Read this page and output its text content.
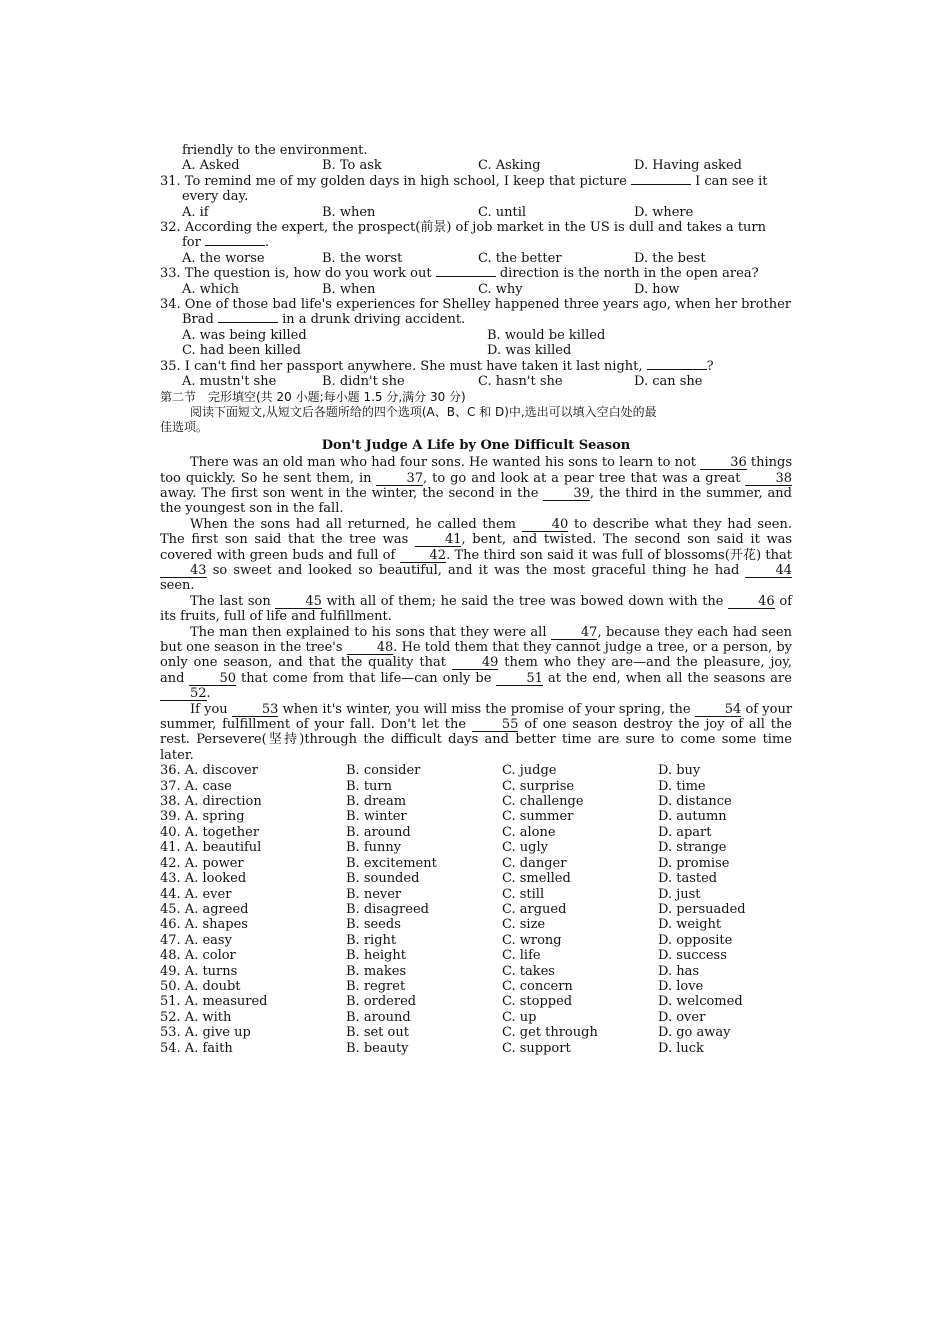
friendly to the environment.
A. Asked	B. To ask	C. Asking	D. Having asked
31. To remind me of my golden days in high school, I keep that picture	I can see it
every day.
A. if	B. when	C. until	D. where
32. According the expert, the prospect(前景) of job market in the US is dull and takes a turn
for	.
A. the worse	B. the worst	C. the better	D. the best
33. The question is, how do you work out	direction is the north in the open area?
A. which	B. when	C. why	D. how
34. One of those bad life's experiences for Shelley happened three years ago, when her brother
Brad	in a drunk driving accident.
A. was being killed	B. would be killed
C. had been killed	D. was killed
35. I can't find her passport anywhere. She must have taken it last night,	?
A. mustn't she	B. didn't she	C. hasn't she	D. can she
第二节　完形填空(共 20 小题;每小题 1.5 分,满分 30 分)
阅读下面短文,从短文后各题所给的四个选项(A、B、C 和 D)中,选出可以填入空白处的最
佳选项。
Don't Judge A Life by One Difficult Season
There was an old man who had four sons. He wanted his sons to learn to not	36 things too quickly. So he sent them, in	37, to go and look at a pear tree that was a great	38 away. The first son went in the winter, the second in the	39, the third in the summer, and the youngest son in the fall.
When the sons had all returned, he called them	40 to describe what they had seen. The first son said that the tree was	41, bent, and twisted. The second son said it was covered with green buds and full of	42. The third son said it was full of blossoms(开花) that 43 so sweet and looked so beautiful, and it was the most graceful thing he had	44 seen.
The last son	45 with all of them; he said the tree was bowed down with the	46 of its fruits, full of life and fulfillment.
The man then explained to his sons that they were all	47, because they each had seen but one season in the tree's	48. He told them that they cannot judge a tree, or a person, by only one season, and that the quality that	49 them who they are—and the pleasure, joy, and	50 that come from that life—can only be	51 at the end, when all the seasons are 52.
If you	53 when it's winter, you will miss the promise of your spring, the	54 of your summer, fulfillment of your fall. Don't let the	55 of one season destroy the joy of all the rest. Persevere(坚持)through the difficult days and better time are sure to come some time later.
36. A. discover	B. consider	C. judge	D. buy
37. A. case	B. turn	C. surprise	D. time
38. A. direction	B. dream	C. challenge	D. distance
39. A. spring	B. winter	C. summer	D. autumn
40. A. together	B. around	C. alone	D. apart
41. A. beautiful	B. funny	C. ugly	D. strange
42. A. power	B. excitement	C. danger	D. promise
43. A. looked	B. sounded	C. smelled	D. tasted
44. A. ever	B. never	C. still	D. just
45. A. agreed	B. disagreed	C. argued	D. persuaded
46. A. shapes	B. seeds	C. size	D. weight
47. A. easy	B. right	C. wrong	D. opposite
48. A. color	B. height	C. life	D. success
49. A. turns	B. makes	C. takes	D. has
50. A. doubt	B. regret	C. concern	D. love
51. A. measured	B. ordered	C. stopped	D. welcomed
52. A. with	B. around	C. up	D. over
53. A. give up	B. set out	C. get through	D. go away
54. A. faith	B. beauty	C. support	D. luck
